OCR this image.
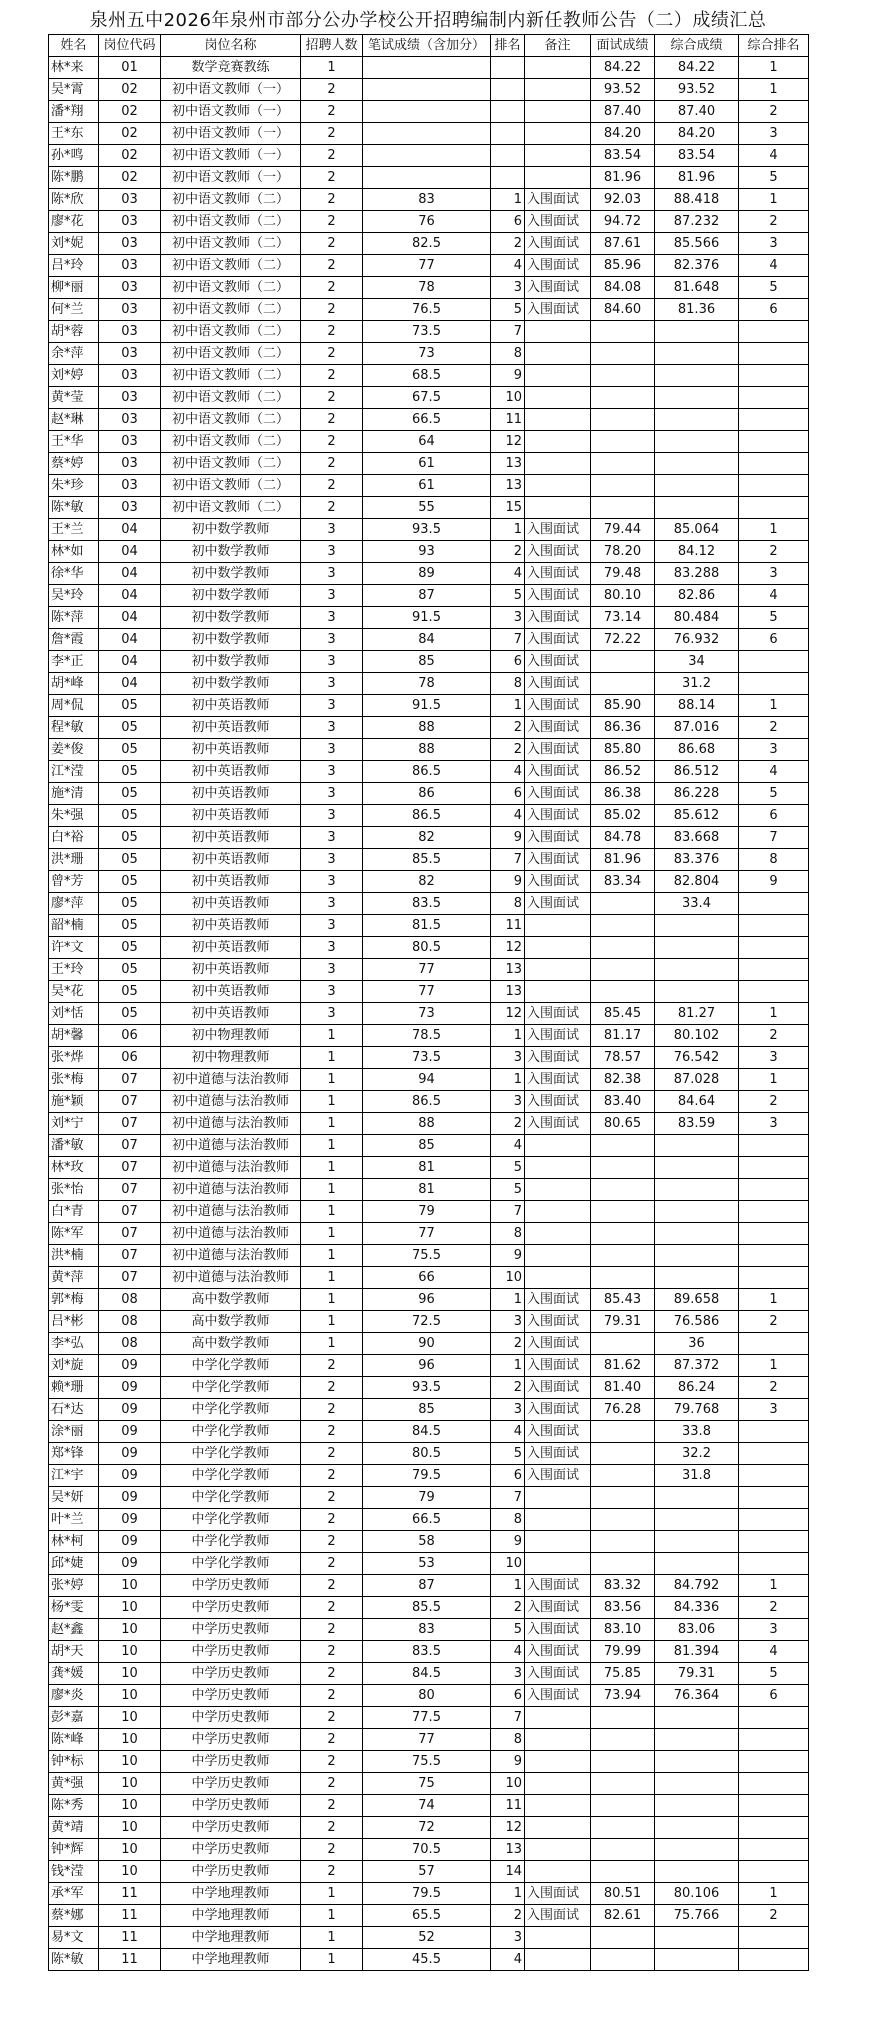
泉州五中2026年泉州市部分公办学校公开招聘编制内新任教师公告（二）成绩汇总
姓名	岗位代码	岗位名称	招聘人数	笔试成绩（含加分）	排名	备注	面试成绩	综合成绩	综合排名
林*来	01	数学竞赛教练	1				84.22	84.22	1
吴*霄	02	初中语文教师（一）	2				93.52	93.52	1
潘*翔	02	初中语文教师（一）	2				87.40	87.40	2
王*东	02	初中语文教师（一）	2				84.20	84.20	3
孙*鸣	02	初中语文教师（一）	2				83.54	83.54	4
陈*鹏	02	初中语文教师（一）	2				81.96	81.96	5
陈*欣	03	初中语文教师（二）	2	83	1	入围面试	92.03	88.418	1
廖*花	03	初中语文教师（二）	2	76	6	入围面试	94.72	87.232	2
刘*妮	03	初中语文教师（二）	2	82.5	2	入围面试	87.61	85.566	3
吕*玲	03	初中语文教师（二）	2	77	4	入围面试	85.96	82.376	4
柳*丽	03	初中语文教师（二）	2	78	3	入围面试	84.08	81.648	5
何*兰	03	初中语文教师（二）	2	76.5	5	入围面试	84.60	81.36	6
胡*蓉	03	初中语文教师（二）	2	73.5	7				
余*萍	03	初中语文教师（二）	2	73	8				
刘*婷	03	初中语文教师（二）	2	68.5	9				
黄*莹	03	初中语文教师（二）	2	67.5	10				
赵*琳	03	初中语文教师（二）	2	66.5	11				
王*华	03	初中语文教师（二）	2	64	12				
蔡*婷	03	初中语文教师（二）	2	61	13				
朱*珍	03	初中语文教师（二）	2	61	13				
陈*敏	03	初中语文教师（二）	2	55	15				
王*兰	04	初中数学教师	3	93.5	1	入围面试	79.44	85.064	1
林*如	04	初中数学教师	3	93	2	入围面试	78.20	84.12	2
徐*华	04	初中数学教师	3	89	4	入围面试	79.48	83.288	3
吴*玲	04	初中数学教师	3	87	5	入围面试	80.10	82.86	4
陈*萍	04	初中数学教师	3	91.5	3	入围面试	73.14	80.484	5
詹*霞	04	初中数学教师	3	84	7	入围面试	72.22	76.932	6
李*正	04	初中数学教师	3	85	6	入围面试		34	
胡*峰	04	初中数学教师	3	78	8	入围面试		31.2	
周*侃	05	初中英语教师	3	91.5	1	入围面试	85.90	88.14	1
程*敏	05	初中英语教师	3	88	2	入围面试	86.36	87.016	2
姜*俊	05	初中英语教师	3	88	2	入围面试	85.80	86.68	3
江*滢	05	初中英语教师	3	86.5	4	入围面试	86.52	86.512	4
施*清	05	初中英语教师	3	86	6	入围面试	86.38	86.228	5
朱*强	05	初中英语教师	3	86.5	4	入围面试	85.02	85.612	6
白*裕	05	初中英语教师	3	82	9	入围面试	84.78	83.668	7
洪*珊	05	初中英语教师	3	85.5	7	入围面试	81.96	83.376	8
曾*芳	05	初中英语教师	3	82	9	入围面试	83.34	82.804	9
廖*萍	05	初中英语教师	3	83.5	8	入围面试		33.4	
韶*楠	05	初中英语教师	3	81.5	11				
许*文	05	初中英语教师	3	80.5	12				
王*玲	05	初中英语教师	3	77	13				
吴*花	05	初中英语教师	3	77	13				
刘*恬	05	初中英语教师	3	73	12	入围面试	85.45	81.27	1
胡*馨	06	初中物理教师	1	78.5	1	入围面试	81.17	80.102	2
张*烨	06	初中物理教师	1	73.5	3	入围面试	78.57	76.542	3
张*梅	07	初中道德与法治教师	1	94	1	入围面试	82.38	87.028	1
施*颖	07	初中道德与法治教师	1	86.5	3	入围面试	83.40	84.64	2
刘*宁	07	初中道德与法治教师	1	88	2	入围面试	80.65	83.59	3
潘*敏	07	初中道德与法治教师	1	85	4				
林*玫	07	初中道德与法治教师	1	81	5				
张*怡	07	初中道德与法治教师	1	81	5				
白*青	07	初中道德与法治教师	1	79	7				
陈*军	07	初中道德与法治教师	1	77	8				
洪*楠	07	初中道德与法治教师	1	75.5	9				
黄*萍	07	初中道德与法治教师	1	66	10				
郭*梅	08	高中数学教师	1	96	1	入围面试	85.43	89.658	1
吕*彬	08	高中数学教师	1	72.5	3	入围面试	79.31	76.586	2
李*弘	08	高中数学教师	1	90	2	入围面试		36	
刘*旋	09	中学化学教师	2	96	1	入围面试	81.62	87.372	1
赖*珊	09	中学化学教师	2	93.5	2	入围面试	81.40	86.24	2
石*达	09	中学化学教师	2	85	3	入围面试	76.28	79.768	3
涂*丽	09	中学化学教师	2	84.5	4	入围面试		33.8	
郑*锋	09	中学化学教师	2	80.5	5	入围面试		32.2	
江*宇	09	中学化学教师	2	79.5	6	入围面试		31.8	
吴*妍	09	中学化学教师	2	79	7				
叶*兰	09	中学化学教师	2	66.5	8				
林*柯	09	中学化学教师	2	58	9				
邱*婕	09	中学化学教师	2	53	10				
张*婷	10	中学历史教师	2	87	1	入围面试	83.32	84.792	1
杨*雯	10	中学历史教师	2	85.5	2	入围面试	83.56	84.336	2
赵*鑫	10	中学历史教师	2	83	5	入围面试	83.10	83.06	3
胡*天	10	中学历史教师	2	83.5	4	入围面试	79.99	81.394	4
龚*媛	10	中学历史教师	2	84.5	3	入围面试	75.85	79.31	5
廖*炎	10	中学历史教师	2	80	6	入围面试	73.94	76.364	6
彭*嘉	10	中学历史教师	2	77.5	7				
陈*峰	10	中学历史教师	2	77	8				
钟*标	10	中学历史教师	2	75.5	9				
黄*强	10	中学历史教师	2	75	10				
陈*秀	10	中学历史教师	2	74	11				
黄*靖	10	中学历史教师	2	72	12				
钟*辉	10	中学历史教师	2	70.5	13				
钱*滢	10	中学历史教师	2	57	14				
承*军	11	中学地理教师	1	79.5	1	入围面试	80.51	80.106	1
蔡*娜	11	中学地理教师	1	65.5	2	入围面试	82.61	75.766	2
易*文	11	中学地理教师	1	52	3				
陈*敏	11	中学地理教师	1	45.5	4				
